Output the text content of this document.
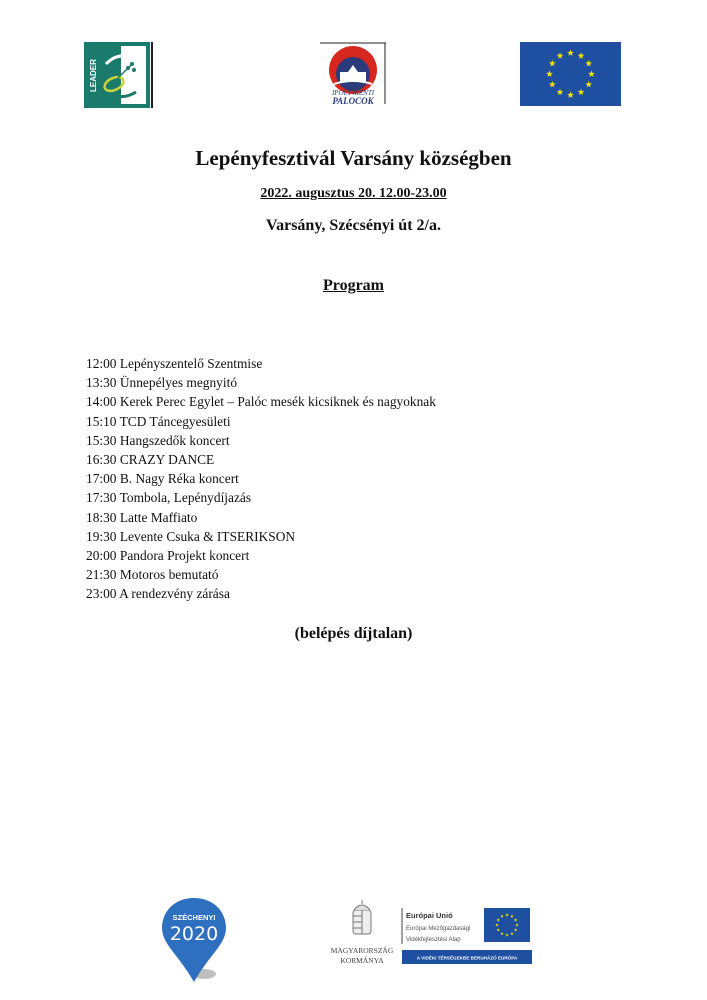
LEADER
IPOLY-MENTI
PALOCOK
Lepényfesztivál Varsány községben
2022. augusztus 20. 12.00-23.00
Varsány, Szécsényi út 2/a.
Program
12:00 Lepényszentelő Szentmise
13:30 Ünnepélyes megnyitó
14:00 Kerek Perec Egylet – Palóc mesék kicsiknek és nagyoknak
15:10 TCD Táncegyesületi
15:30 Hangszedők koncert
16:30 CRAZY DANCE
17:00 B. Nagy Réka koncert
17:30 Tombola, Lepénydíjazás
18:30 Latte Maffiato
19:30 Levente Csuka & ITSERIKSON
20:00 Pandora Projekt koncert
21:30 Motoros bemutató
23:00 A rendezvény zárása
(belépés díjtalan)
SZÉCHENYI
2020
MAGYARORSZÁG
KORMÁNYA
Európai Unió
Európai Mezőgazdasági
Vidékfejlesztési Alap
A VIDÉKI TÉRSÉGEKBE BERUHÁZÓ EURÓPA
